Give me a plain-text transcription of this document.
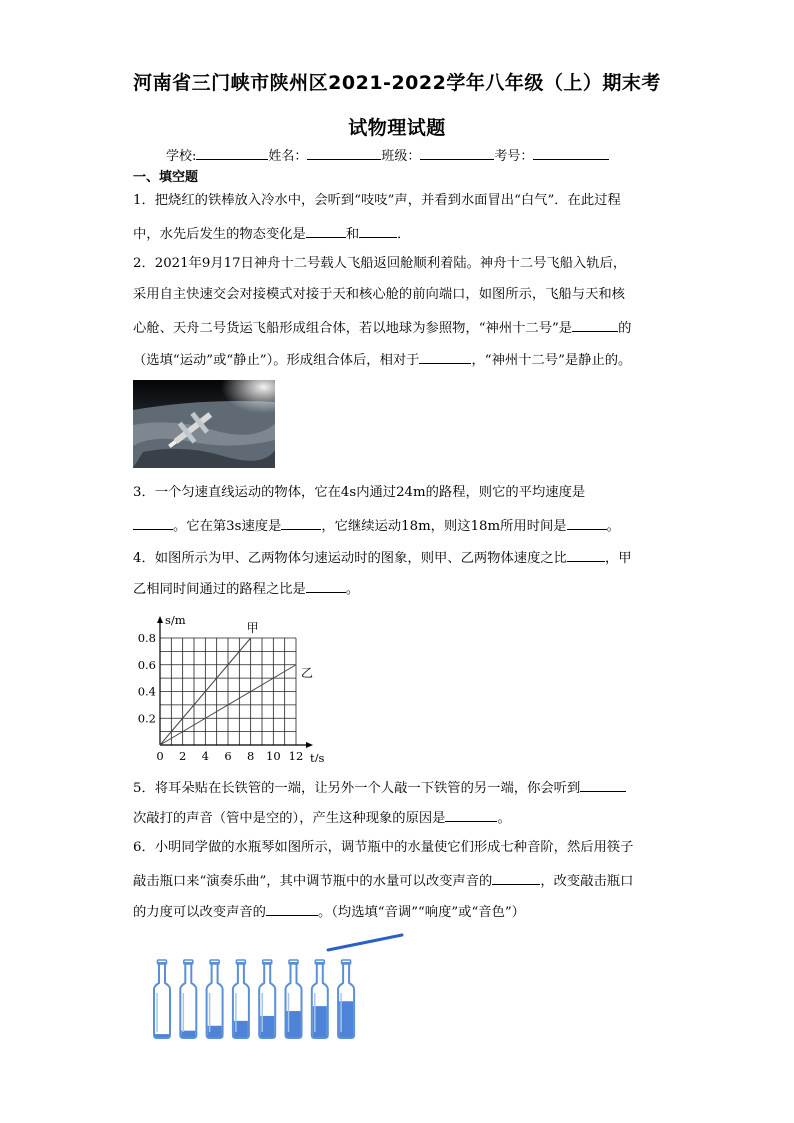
河南省三门峡市陕州区2021-2022学年八年级（上）期末考
试物理试题
学校:	姓名：	班级：	考号：
一、填空题
1．把烧红的铁棒放入冷水中，会听到“吱吱”声，并看到水面冒出“白气”．在此过程
中，水先后发生的物态变化是	和	．
2．2021年9月17日神舟十二号载人飞船返回舱顺利着陆。神舟十二号飞船入轨后，
采用自主快速交会对接模式对接于天和核心舱的前向端口，如图所示，飞船与天和核
心舱、天舟二号货运飞船形成组合体，若以地球为参照物，“神州十二号”是	的
（选填“运动”或“静止”）。形成组合体后，相对于	，“神州十二号”是静止的。
3．一个匀速直线运动的物体，它在4s内通过24m的路程，则它的平均速度是
。它在第3s速度是	，它继续运动18m，则这18m所用时间是	。
4．如图所示为甲、乙两物体匀速运动时的图象，则甲、乙两物体速度之比	，甲
乙相同时间通过的路程之比是	。
0 2 4 6 8 10 12
0.2
0.4
0.6
0.8
t/s
s/m
甲
乙
5．将耳朵贴在长铁管的一端，让另外一个人敲一下铁管的另一端，你会听到
次敲打的声音（管中是空的），产生这种现象的原因是	。
6．小明同学做的水瓶琴如图所示，调节瓶中的水量使它们形成七种音阶，然后用筷子
敲击瓶口来“演奏乐曲”，其中调节瓶中的水量可以改变声音的	，改变敲击瓶口
的力度可以改变声音的	。（均选填“音调”“响度”或“音色”）
